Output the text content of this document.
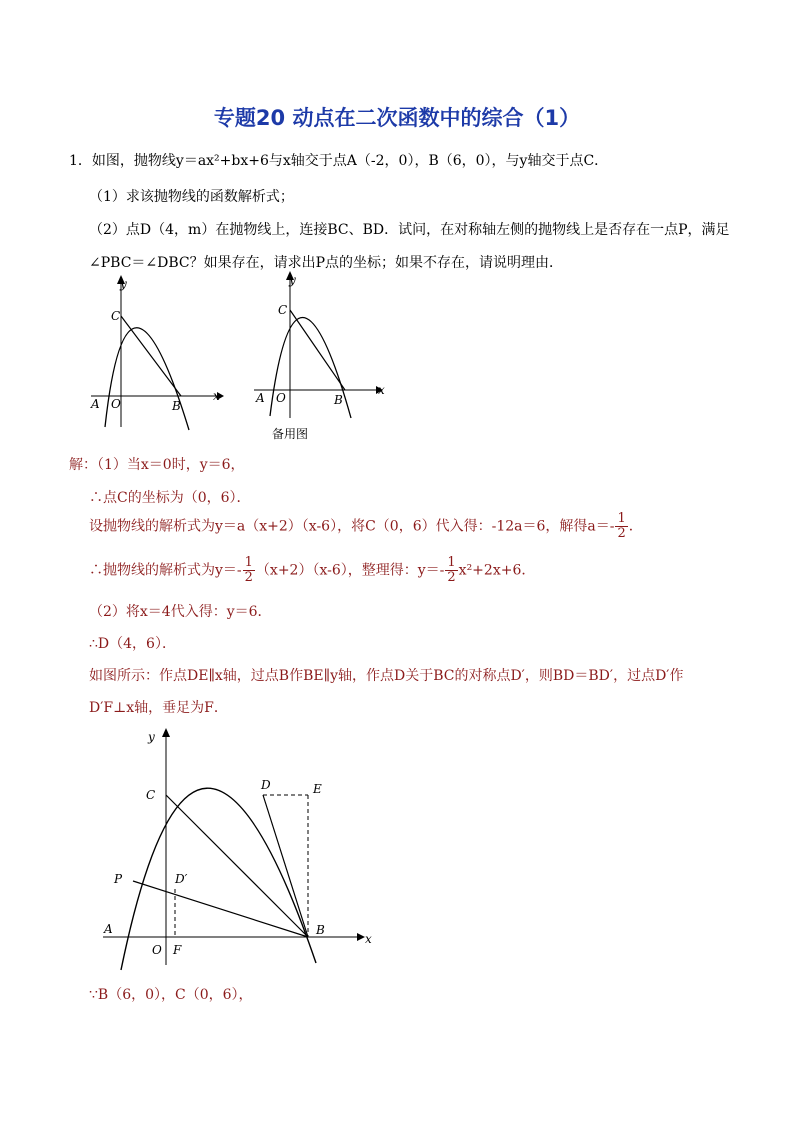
专题20 动点在二次函数中的综合（1）
1．如图，抛物线y＝ax²+bx+6与x轴交于点A（-2，0），B（6，0），与y轴交于点C．
（1）求该抛物线的函数解析式；
（2）点D（4，m）在抛物线上，连接BC、BD．试问，在对称轴左侧的抛物线上是否存在一点P，满足
∠PBC＝∠DBC？如果存在，请求出P点的坐标；如果不存在，请说明理由．
y
x
C
A O	B
y
x
C
A O	B
备用图
解：（1）当x＝0时，y＝6，
∴点C的坐标为（0，6）．
设抛物线的解析式为y＝a（x+2）（x-6），将C（0，6）代入得：-12a＝6，解得$a=- \frac{1}{2}$ ．
∴抛物线的解析式为$y=- \frac{1}{2} (x+2)(x-6)$，整理得：$y=- \frac{1}{2} x^2+2x+6$．
（2）将x＝4代入得：y＝6．
∴D（4，6）．
如图所示：作点DE∥x轴，过点B作BE∥y轴，作点D关于BC的对称点D′，则BD＝BD′，过点D′作
D′F⊥x轴，垂足为F．
y
x
C
D	E
P	D′
A	B
O F
∵B（6，0），C（0，6），
